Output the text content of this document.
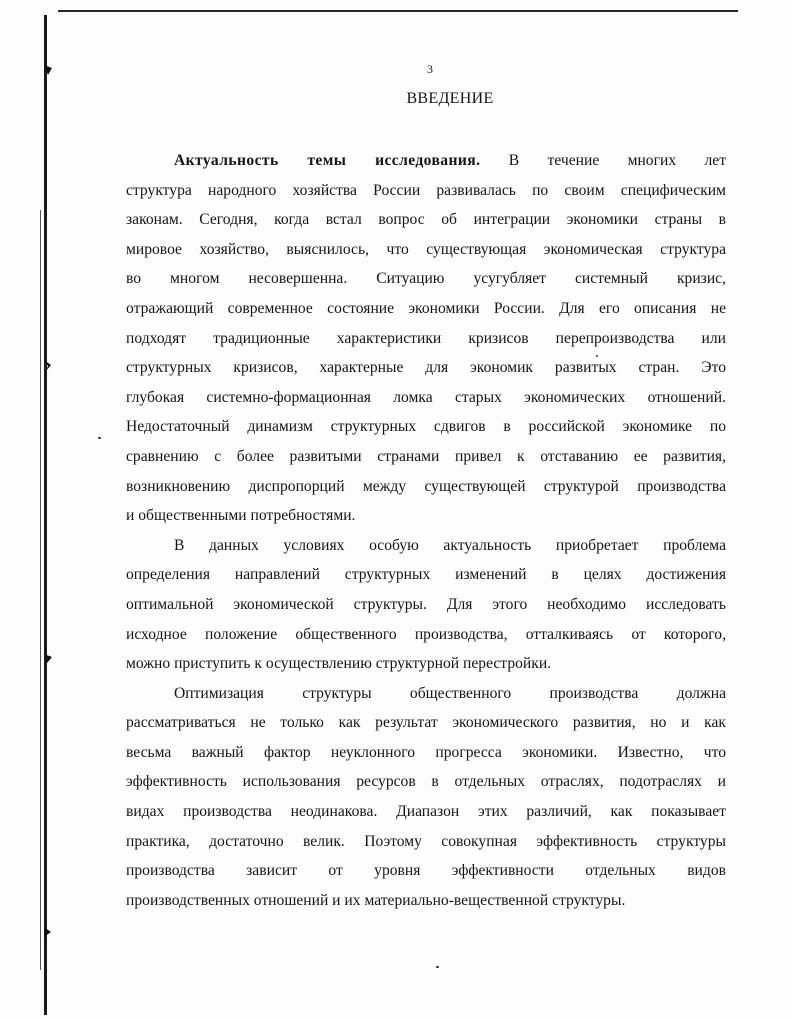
3
ВВЕДЕНИЕ
Актуальность темы исследования. В течение многих лет
структура народного хозяйства России развивалась по своим специфическим
законам. Сегодня, когда встал вопрос об интеграции экономики страны в
мировое хозяйство, выяснилось, что существующая экономическая структура
во многом несовершенна. Ситуацию усугубляет системный кризис,
отражающий современное состояние экономики России. Для его описания не
подходят традиционные характеристики кризисов перепроизводства или
структурных кризисов, характерные для экономик развитых стран. Это
глубокая системно-формационная ломка старых экономических отношений.
Недостаточный динамизм структурных сдвигов в российской экономике по
сравнению с более развитыми странами привел к отставанию ее развития,
возникновению диспропорций между существующей структурой производства
и общественными потребностями.
В данных условиях особую актуальность приобретает проблема
определения направлений структурных изменений в целях достижения
оптимальной экономической структуры. Для этого необходимо исследовать
исходное положение общественного производства, отталкиваясь от которого,
можно приступить к осуществлению структурной перестройки.
Оптимизация структуры общественного производства должна
рассматриваться не только как результат экономического развития, но и как
весьма важный фактор неуклонного прогресса экономики. Известно, что
эффективность использования ресурсов в отдельных отраслях, подотраслях и
видах производства неодинакова. Диапазон этих различий, как показывает
практика, достаточно велик. Поэтому совокупная эффективность структуры
производства зависит от уровня эффективности отдельных видов
производственных отношений и их материально-вещественной структуры.
